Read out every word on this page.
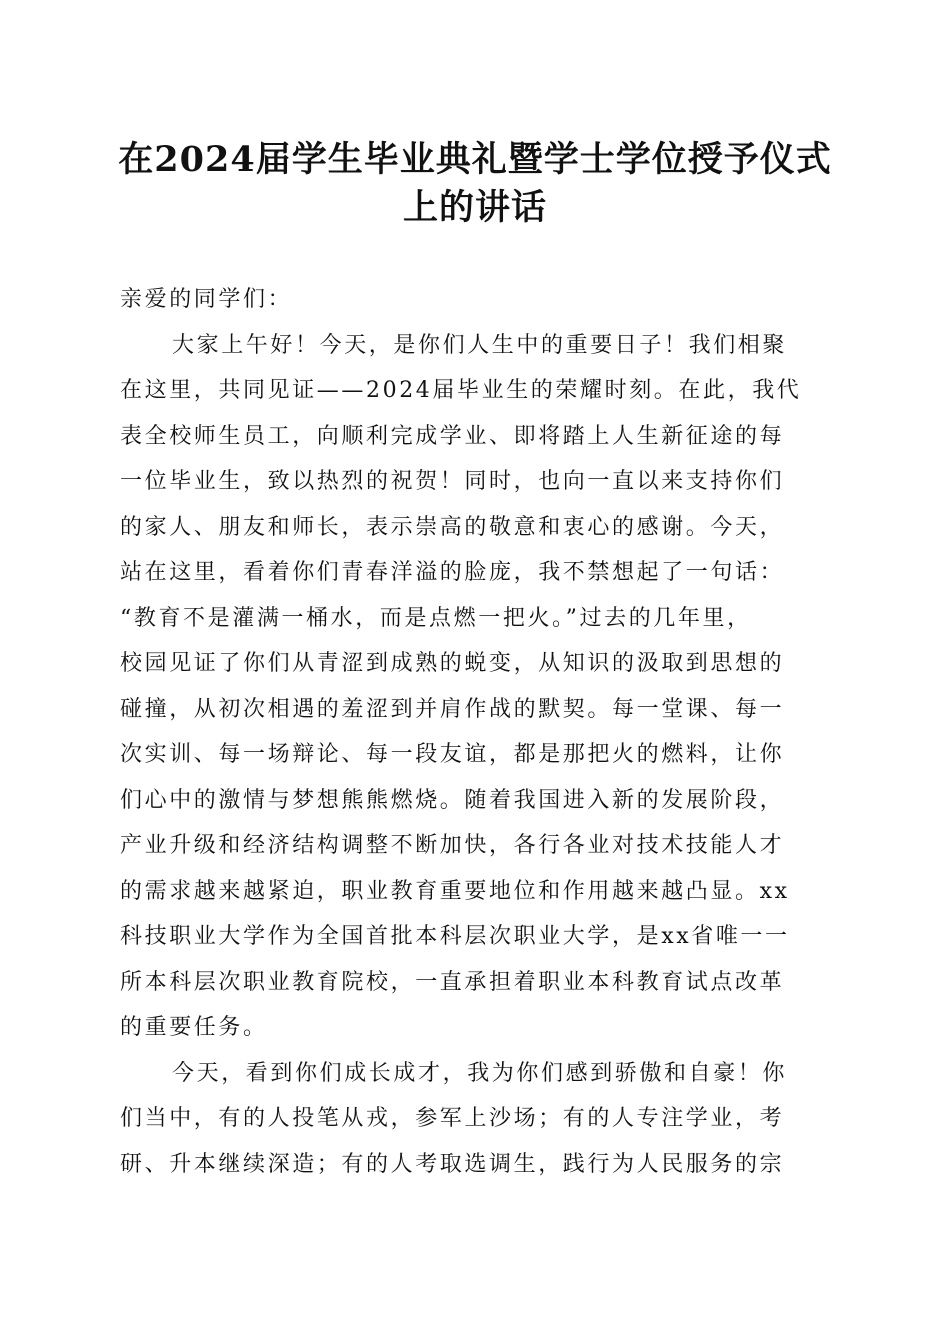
在2024届学生毕业典礼暨学士学位授予仪式
上的讲话
亲爱的同学们：
大家上午好！今天，是你们人生中的重要日子！我们相聚
在这里，共同见证——2024届毕业生的荣耀时刻。在此，我代
表全校师生员工，向顺利完成学业、即将踏上人生新征途的每
一位毕业生，致以热烈的祝贺！同时，也向一直以来支持你们
的家人、朋友和师长，表示崇高的敬意和衷心的感谢。今天，
站在这里，看着你们青春洋溢的脸庞，我不禁想起了一句话：
“教育不是灌满一桶水，而是点燃一把火。”过去的几年里，
校园见证了你们从青涩到成熟的蜕变，从知识的汲取到思想的
碰撞，从初次相遇的羞涩到并肩作战的默契。每一堂课、每一
次实训、每一场辩论、每一段友谊，都是那把火的燃料，让你
们心中的激情与梦想熊熊燃烧。随着我国进入新的发展阶段，
产业升级和经济结构调整不断加快，各行各业对技术技能人才
的需求越来越紧迫，职业教育重要地位和作用越来越凸显。xx
科技职业大学作为全国首批本科层次职业大学，是xx省唯一一
所本科层次职业教育院校，一直承担着职业本科教育试点改革
的重要任务。
今天，看到你们成长成才，我为你们感到骄傲和自豪！你
们当中，有的人投笔从戎，参军上沙场；有的人专注学业，考
研、升本继续深造；有的人考取选调生，践行为人民服务的宗
